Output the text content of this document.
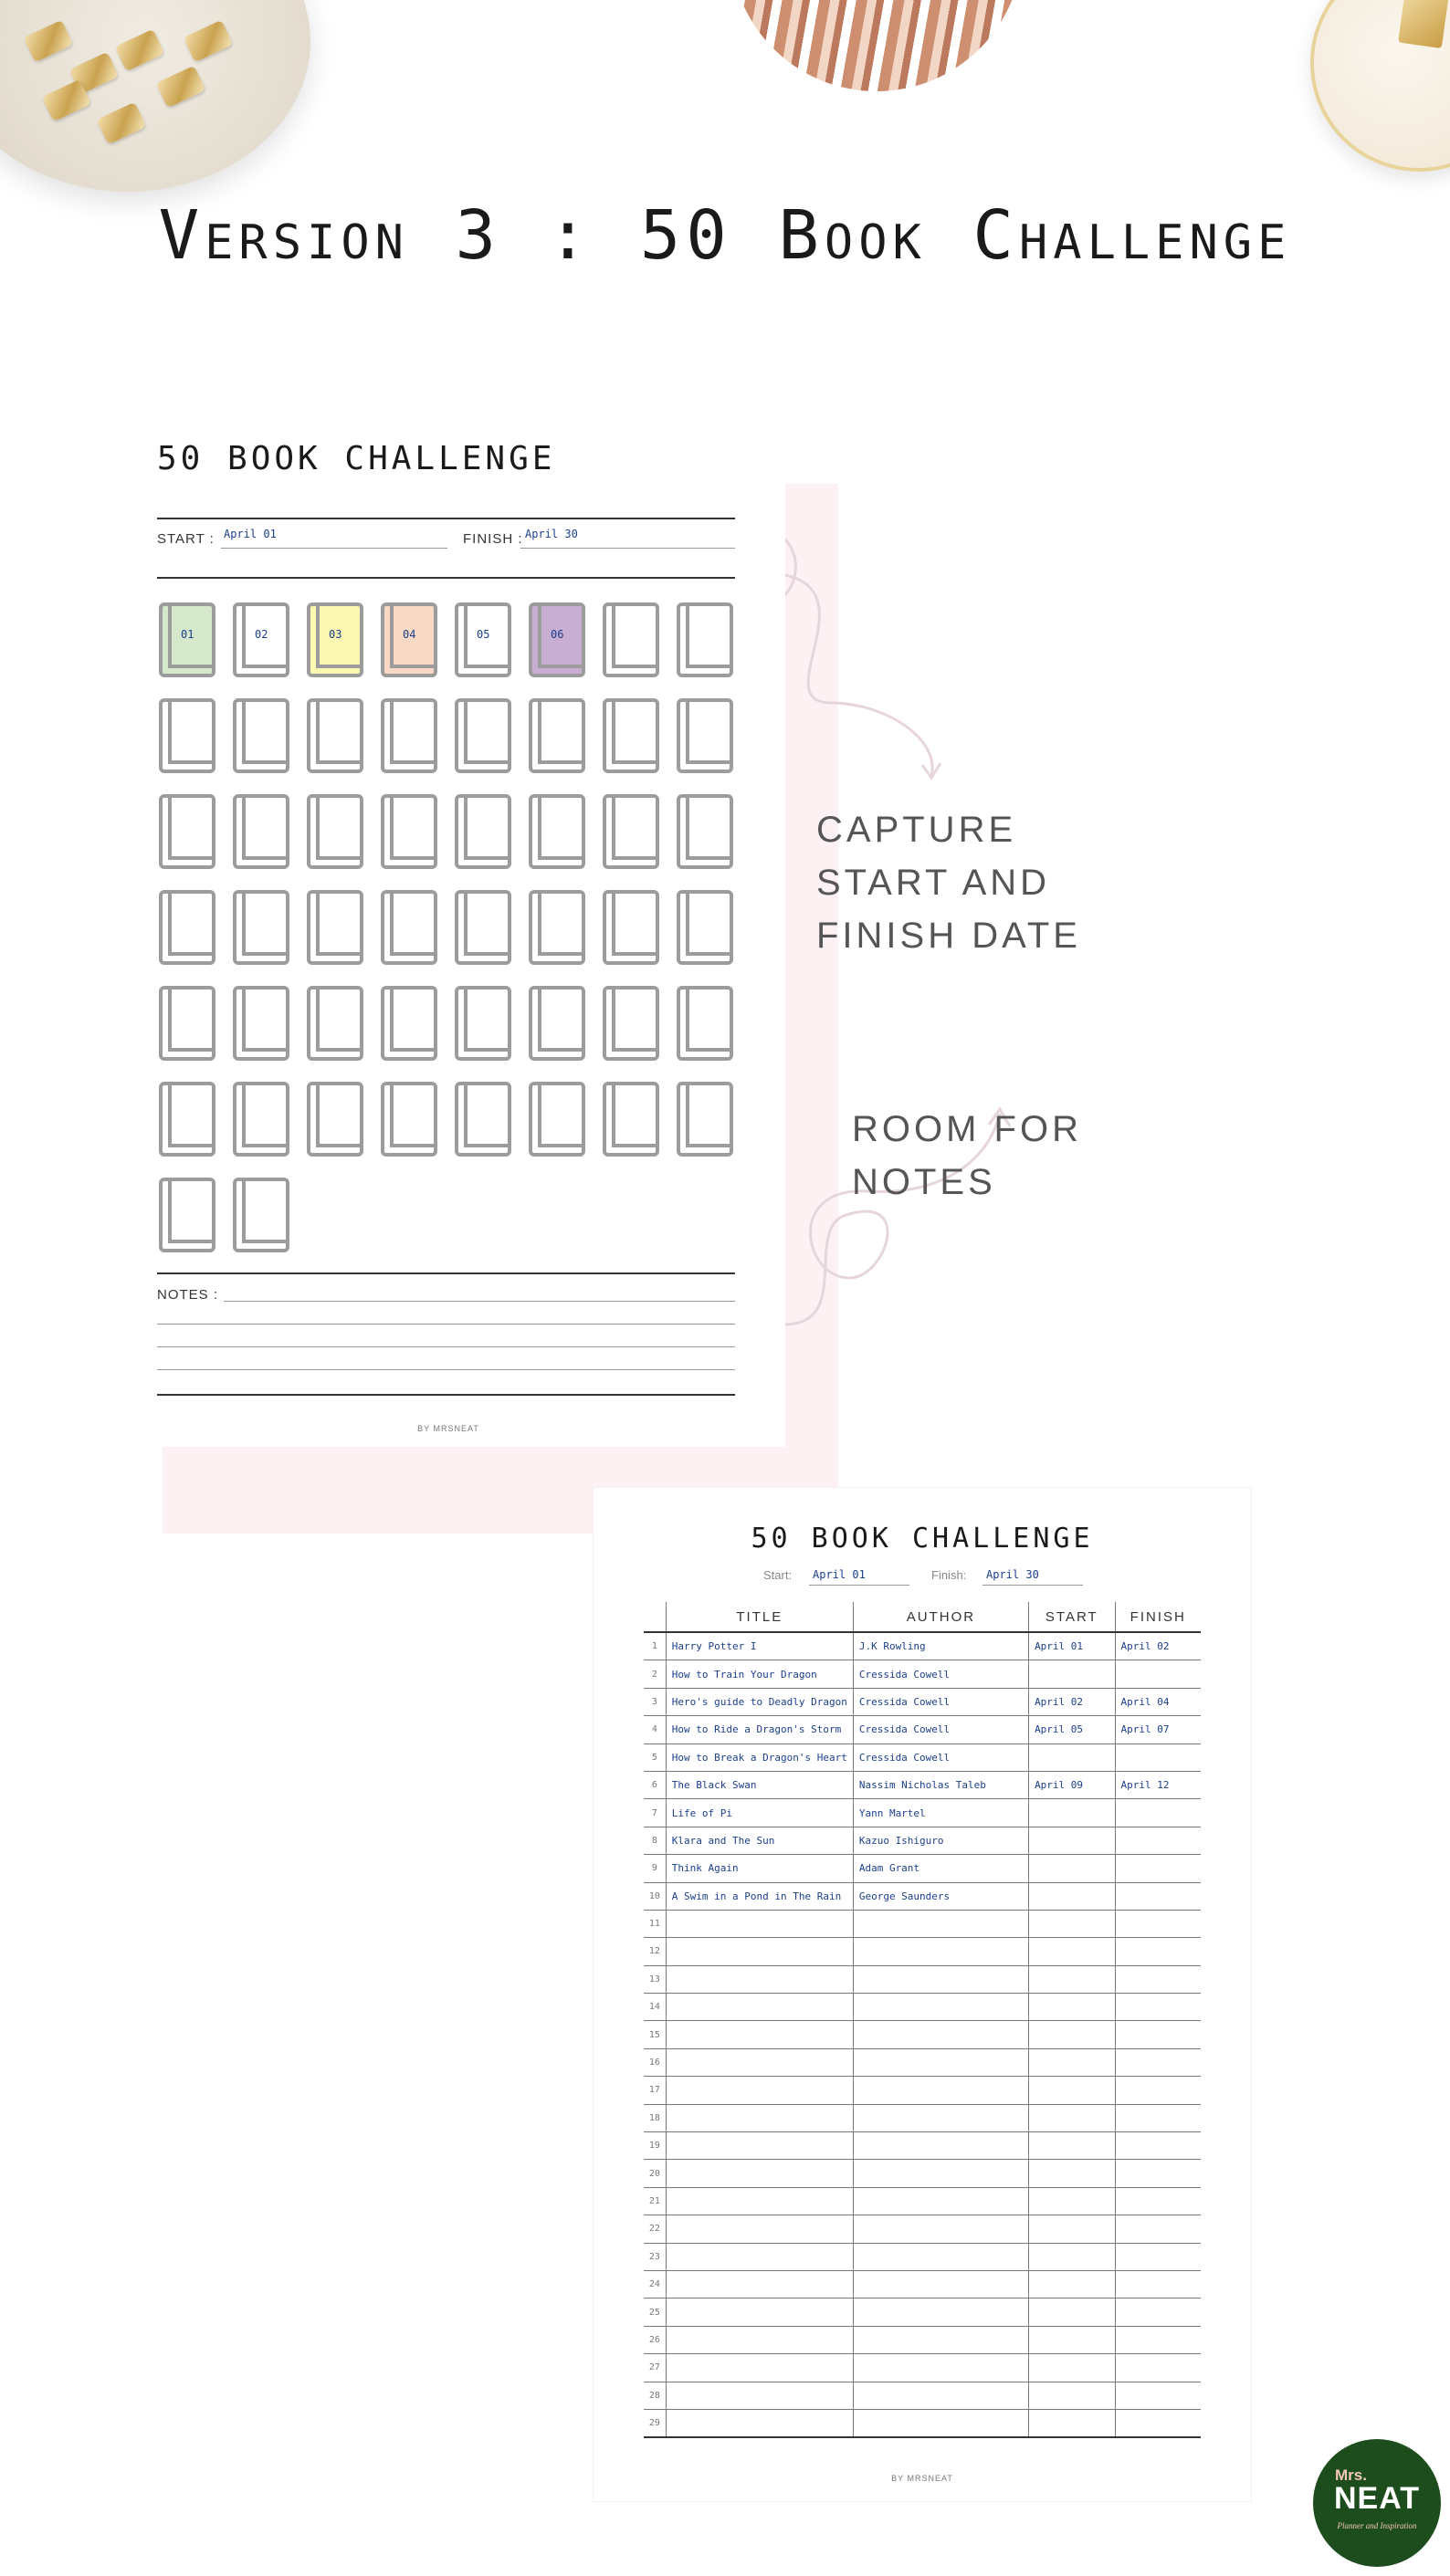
Version 3 : 50 Book Challenge
50 BOOK CHALLENGE
START : April 01	FINISH : April 30
01	02	03	04	05	06
NOTES :
BY MRSNEAT
CAPTURE START AND FINISH DATE
ROOM FOR NOTES
50 BOOK CHALLENGE
Start: April 01	Finish: April 30
	TITLE	AUTHOR	START	FINISH
1	Harry Potter I	J.K Rowling	April 01	April 02
2	How to Train Your Dragon	Cressida Cowell		
3	Hero's guide to Deadly Dragon	Cressida Cowell	April 02	April 04
4	How to Ride a Dragon's Storm	Cressida Cowell	April 05	April 07
5	How to Break a Dragon's Heart	Cressida Cowell		
6	The Black Swan	Nassim Nicholas Taleb	April 09	April 12
7	Life of Pi	Yann Martel		
8	Klara and The Sun	Kazuo Ishiguro		
9	Think Again	Adam Grant		
10	A Swim in a Pond in The Rain	George Saunders		
11				
12				
13				
14				
15				
16				
17				
18				
19				
20				
21				
22				
23				
24				
25				
26				
27				
28				
29				
BY MRSNEAT	Mrs.
NEAT
Planner and Inspiration
